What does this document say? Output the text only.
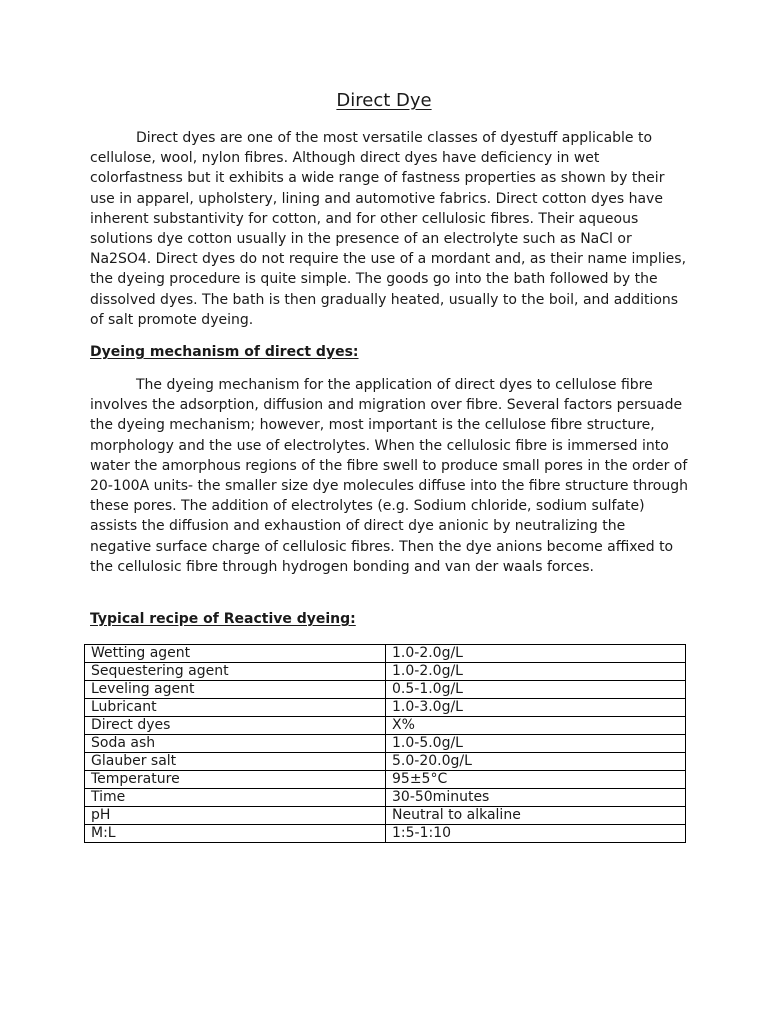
Direct Dye

Direct dyes are one of the most versatile classes of dyestuff applicable to cellulose, wool, nylon fibres. Although direct dyes have deficiency in wet colorfastness but it exhibits a wide range of fastness properties as shown by their use in apparel, upholstery, lining and automotive fabrics. Direct cotton dyes have inherent substantivity for cotton, and for other cellulosic fibres. Their aqueous solutions dye cotton usually in the presence of an electrolyte such as NaCl or Na2SO4. Direct dyes do not require the use of a mordant and, as their name implies, the dyeing procedure is quite simple. The goods go into the bath followed by the dissolved dyes. The bath is then gradually heated, usually to the boil, and additions of salt promote dyeing.

Dyeing mechanism of direct dyes:

The dyeing mechanism for the application of direct dyes to cellulose fibre involves the adsorption, diffusion and migration over fibre. Several factors persuade the dyeing mechanism; however, most important is the cellulose fibre structure, morphology and the use of electrolytes. When the cellulosic fibre is immersed into water the amorphous regions of the fibre swell to produce small pores in the order of 20-100A units- the smaller size dye molecules diffuse into the fibre structure through these pores. The addition of electrolytes (e.g. Sodium chloride, sodium sulfate) assists the diffusion and exhaustion of direct dye anionic by neutralizing the negative surface charge of cellulosic fibres. Then the dye anions become affixed to the cellulosic fibre through hydrogen bonding and van der waals forces.

Typical recipe of Reactive dyeing:
Wetting agent	1.0-2.0g/L
Sequestering agent	1.0-2.0g/L
Leveling agent	0.5-1.0g/L
Lubricant	1.0-3.0g/L
Direct dyes	X%
Soda ash	1.0-5.0g/L
Glauber salt	5.0-20.0g/L
Temperature	95±5°C
Time	30-50minutes
pH	Neutral to alkaline
M:L	1:5-1:10
